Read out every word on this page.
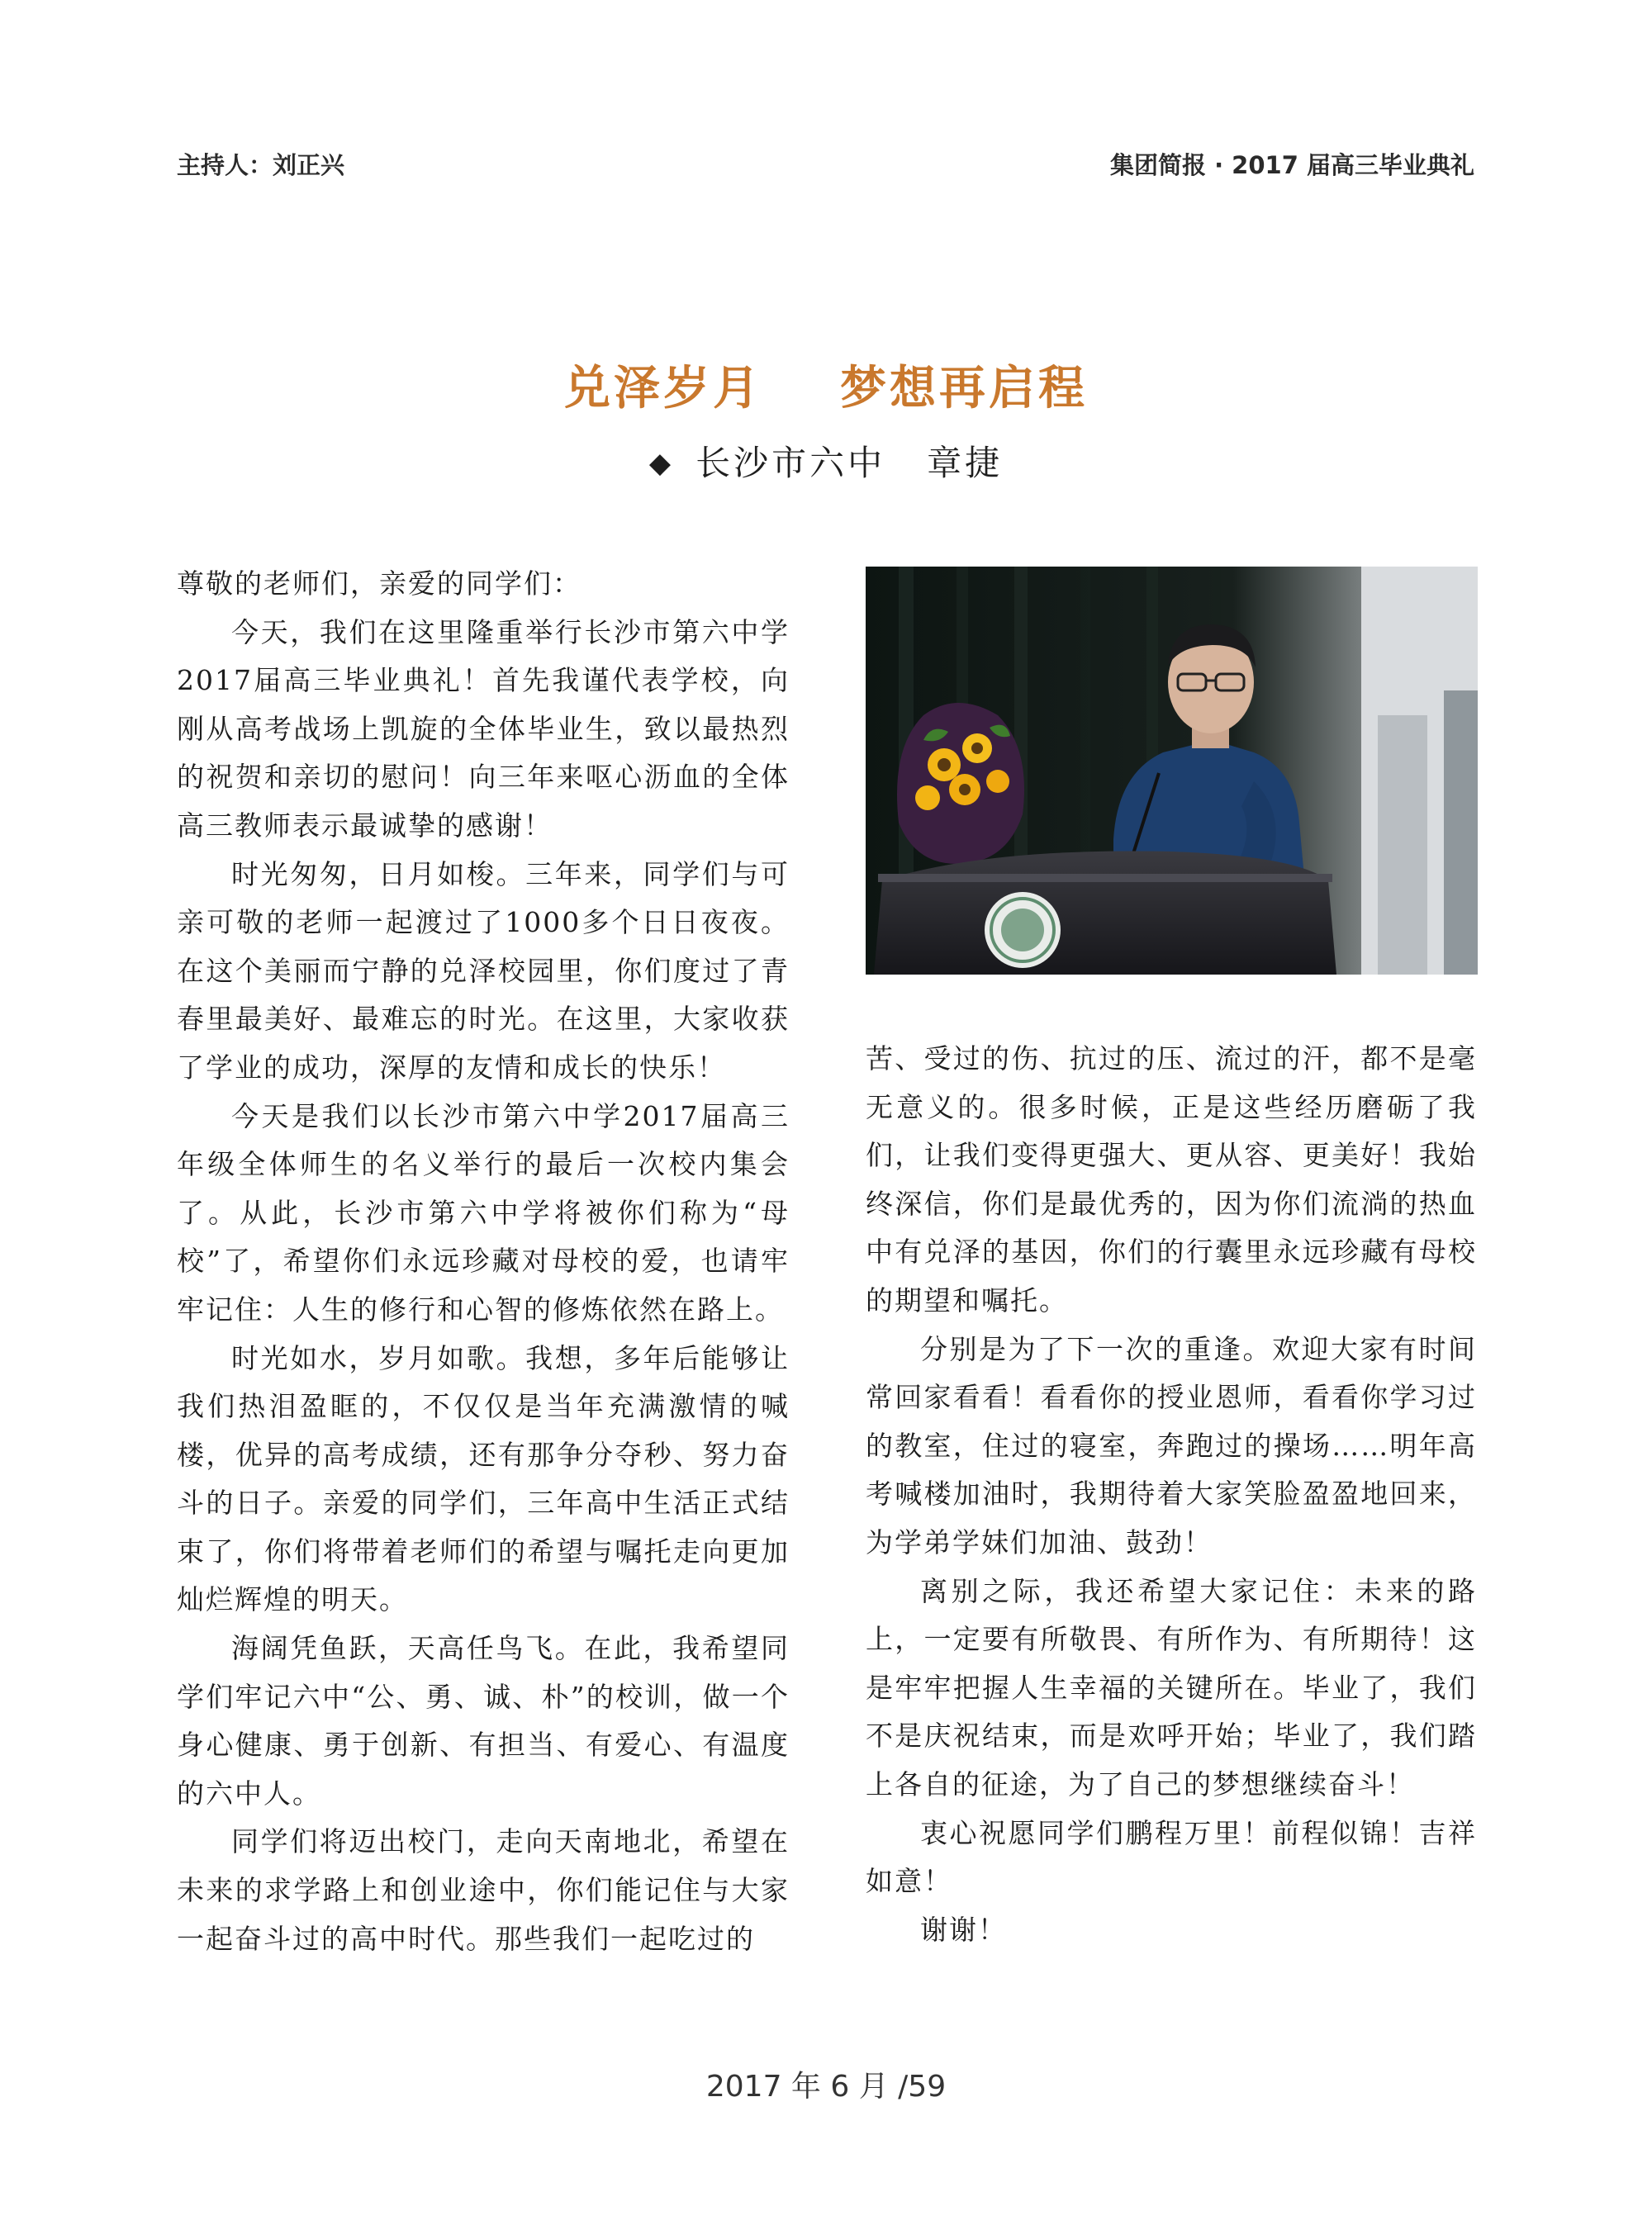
主持人：刘正兴	集团简报 · 2017 届高三毕业典礼
兑泽岁月    梦想再启程
◆ 长沙市六中 章捷

尊敬的老师们，亲爱的同学们：

今天，我们在这里隆重举行长沙市第六中学2017届高三毕业典礼！首先我谨代表学校，向刚从高考战场上凯旋的全体毕业生，致以最热烈的祝贺和亲切的慰问！向三年来呕心沥血的全体高三教师表示最诚挚的感谢！

时光匆匆，日月如梭。三年来，同学们与可亲可敬的老师一起渡过了1000多个日日夜夜。在这个美丽而宁静的兑泽校园里，你们度过了青春里最美好、最难忘的时光。在这里，大家收获了学业的成功，深厚的友情和成长的快乐！

今天是我们以长沙市第六中学2017届高三年级全体师生的名义举行的最后一次校内集会了。从此，长沙市第六中学将被你们称为“母校”了，希望你们永远珍藏对母校的爱，也请牢牢记住：人生的修行和心智的修炼依然在路上。

时光如水，岁月如歌。我想，多年后能够让我们热泪盈眶的，不仅仅是当年充满激情的喊楼，优异的高考成绩，还有那争分夺秒、努力奋斗的日子。亲爱的同学们，三年高中生活正式结束了，你们将带着老师们的希望与嘱托走向更加灿烂辉煌的明天。

海阔凭鱼跃，天高任鸟飞。在此，我希望同学们牢记六中“公、勇、诚、朴”的校训，做一个身心健康、勇于创新、有担当、有爱心、有温度的六中人。

同学们将迈出校门，走向天南地北，希望在未来的求学路上和创业途中，你们能记住与大家一起奋斗过的高中时代。那些我们一起吃过的

苦、受过的伤、抗过的压、流过的汗，都不是毫无意义的。很多时候，正是这些经历磨砺了我们，让我们变得更强大、更从容、更美好！我始终深信，你们是最优秀的，因为你们流淌的热血中有兑泽的基因，你们的行囊里永远珍藏有母校的期望和嘱托。

分别是为了下一次的重逢。欢迎大家有时间常回家看看！看看你的授业恩师，看看你学习过的教室，住过的寝室，奔跑过的操场……明年高考喊楼加油时，我期待着大家笑脸盈盈地回来，为学弟学妹们加油、鼓劲！

离别之际，我还希望大家记住：未来的路上，一定要有所敬畏、有所作为、有所期待！这是牢牢把握人生幸福的关键所在。毕业了，我们不是庆祝结束，而是欢呼开始；毕业了，我们踏上各自的征途，为了自己的梦想继续奋斗！

衷心祝愿同学们鹏程万里！前程似锦！吉祥如意！

谢谢！

2017 年 6 月 /59
